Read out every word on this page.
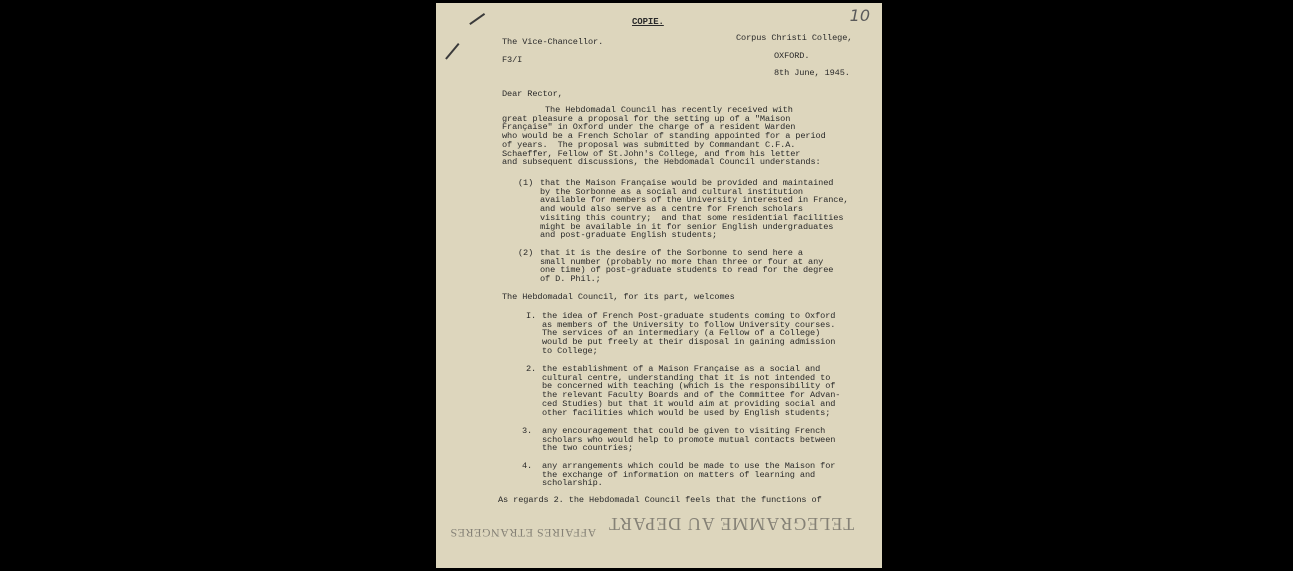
10
COPIE.
The Vice-Chancellor.
F3/I
Corpus Christi College,
OXFORD.
8th June, 1945.
Dear Rector,
The Hebdomadal Council has recently received with
great pleasure a proposal for the setting up of a "Maison
Française" in Oxford under the charge of a resident Warden
who would be a French Scholar of standing appointed for a period
of years.  The proposal was submitted by Commandant C.F.A.
Schaeffer, Fellow of St.John's College, and from his letter
and subsequent discussions, the Hebdomadal Council understands:
(1) that the Maison Française would be provided and maintained
by the Sorbonne as a social and cultural institution
available for members of the University interested in France,
and would also serve as a centre for French scholars
visiting this country;  and that some residential facilities
might be available in it for senior English undergraduates
and post-graduate English students;
(2) that it is the desire of the Sorbonne to send here a
small number (probably no more than three or four at any
one time) of post-graduate students to read for the degree
of D. Phil.;
The Hebdomadal Council, for its part, welcomes
I. the idea of French Post-graduate students coming to Oxford
as members of the University to follow University courses.
The services of an intermediary (a Fellow of a College)
would be put freely at their disposal in gaining admission
to College;
2. the establishment of a Maison Française as a social and
cultural centre, understanding that it is not intended to
be concerned with teaching (which is the responsibility of
the relevant Faculty Boards and of the Committee for Advan-
ced Studies) but that it would aim at providing social and
other facilities which would be used by English students;
3. any encouragement that could be given to visiting French
scholars who would help to promote mutual contacts between
the two countries;
4. any arrangements which could be made to use the Maison for
the exchange of information on matters of learning and
scholarship.
As regards 2. the Hebdomadal Council feels that the functions of
TELEGRAMME AU DEPART
AFFAIRES ETRANGERES
